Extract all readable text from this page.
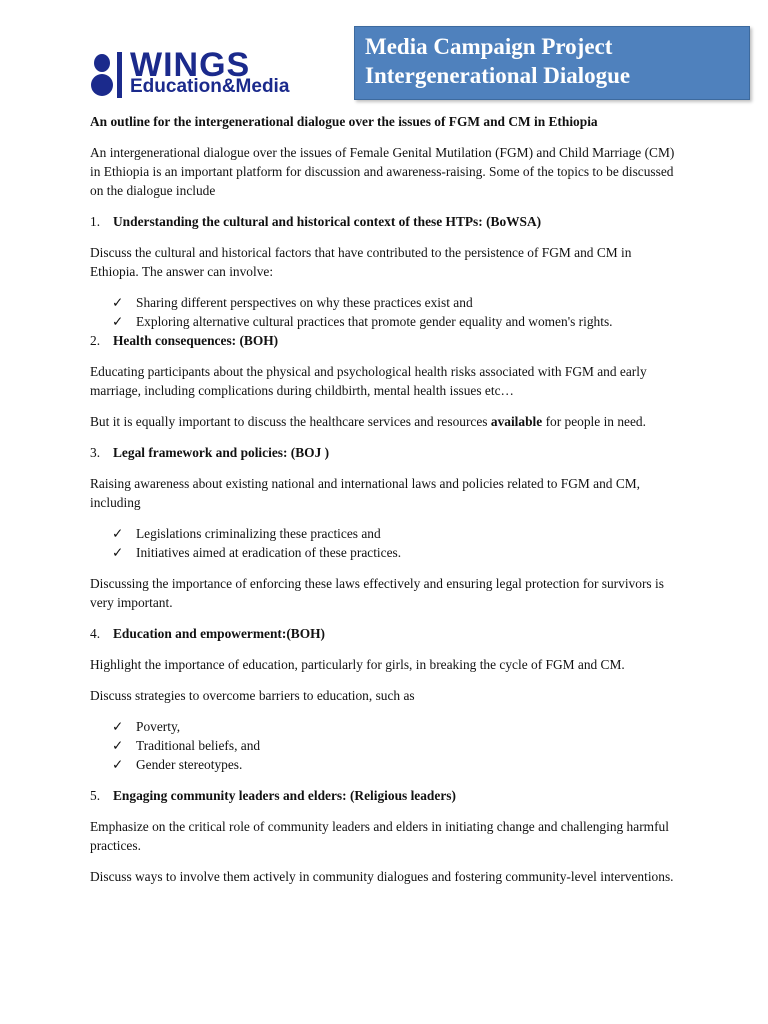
WINGS
Education&Media
Media Campaign Project
Intergenerational Dialogue

An outline for the intergenerational dialogue over the issues of FGM and CM in Ethiopia

An intergenerational dialogue over the issues of Female Genital Mutilation (FGM) and Child Marriage (CM) in Ethiopia is an important platform for discussion and awareness-raising. Some of the topics to be discussed on the dialogue include

1. Understanding the cultural and historical context of these HTPs: (BoWSA)

Discuss the cultural and historical factors that have contributed to the persistence of FGM and CM in Ethiopia. The answer can involve:

✓ Sharing different perspectives on why these practices exist and
✓ Exploring alternative cultural practices that promote gender equality and women's rights.
2. Health consequences: (BOH)

Educating participants about the physical and psychological health risks associated with FGM and early marriage, including complications during childbirth, mental health issues etc…

But it is equally important to discuss the healthcare services and resources available for people in need.

3. Legal framework and policies: (BOJ )

Raising awareness about existing national and international laws and policies related to FGM and CM, including

✓ Legislations criminalizing these practices and
✓ Initiatives aimed at eradication of these practices.

Discussing the importance of enforcing these laws effectively and ensuring legal protection for survivors is very important.

4. Education and empowerment:(BOH)

Highlight the importance of education, particularly for girls, in breaking the cycle of FGM and CM.

Discuss strategies to overcome barriers to education, such as

✓ Poverty,
✓ Traditional beliefs, and
✓ Gender stereotypes.
5. Engaging community leaders and elders: (Religious leaders)

Emphasize on the critical role of community leaders and elders in initiating change and challenging harmful practices.

Discuss ways to involve them actively in community dialogues and fostering community-level interventions.
